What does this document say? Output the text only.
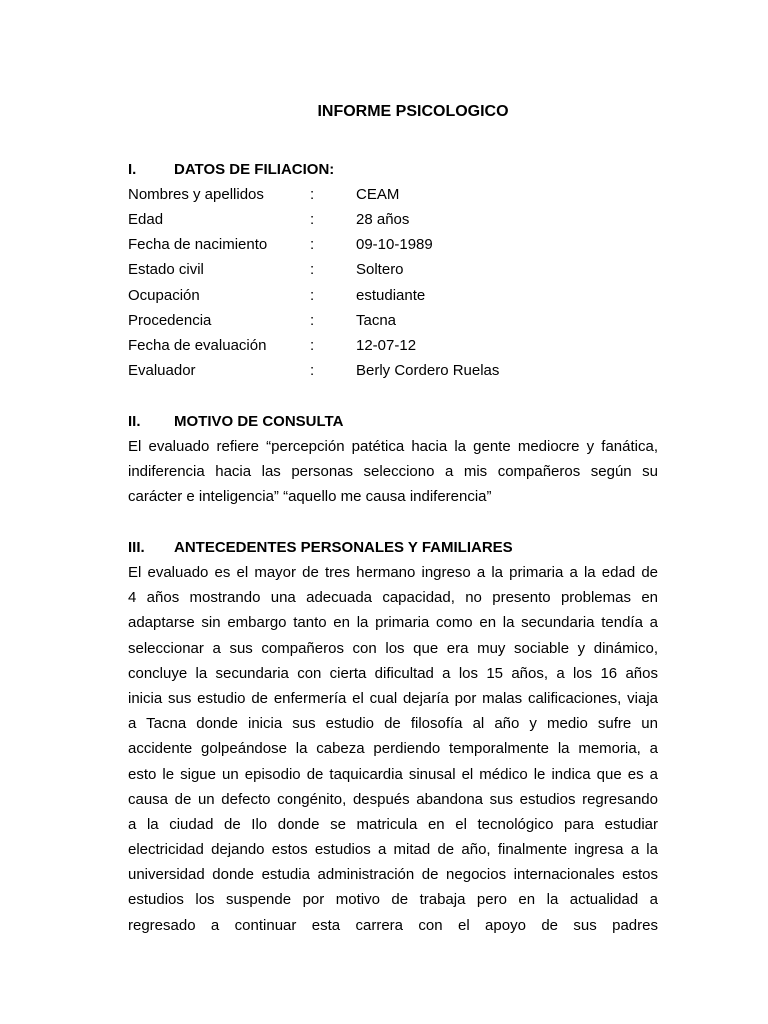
INFORME PSICOLOGICO
I.	DATOS DE FILIACION:
Nombres y apellidos	:	CEAM
Edad	:	28 años
Fecha de nacimiento	:	09-10-1989
Estado civil	:	Soltero
Ocupación	:	estudiante
Procedencia	:	Tacna
Fecha de evaluación	:	12-07-12
Evaluador	:	Berly Cordero Ruelas
II. MOTIVO DE CONSULTA
El evaluado refiere “percepción patética hacia la gente mediocre y fanática,
indiferencia hacia las personas selecciono a mis compañeros según su
carácter e inteligencia” “aquello me causa indiferencia”
III. ANTECEDENTES PERSONALES Y FAMILIARES
El evaluado es el mayor de tres hermano ingreso a la primaria a la edad de
4 años mostrando una adecuada capacidad, no presento problemas en
adaptarse sin embargo tanto en la primaria como en la secundaria tendía a
seleccionar a sus compañeros con los que era muy sociable y dinámico,
concluye la secundaria con cierta dificultad a los 15 años, a los 16 años
inicia sus estudio de enfermería el cual dejaría por malas calificaciones, viaja
a Tacna donde inicia sus estudio de filosofía al año y medio sufre un
accidente golpeándose la cabeza perdiendo temporalmente la memoria, a
esto le sigue un episodio de taquicardia sinusal el médico le indica que es a
causa de un defecto congénito, después abandona sus estudios regresando
a la ciudad de Ilo donde se matricula en el tecnológico para estudiar
electricidad dejando estos estudios a mitad de año, finalmente ingresa a la
universidad donde estudia administración de negocios internacionales estos
estudios los suspende por motivo de trabaja pero en la actualidad a
regresado a continuar esta carrera con el apoyo de sus padres
